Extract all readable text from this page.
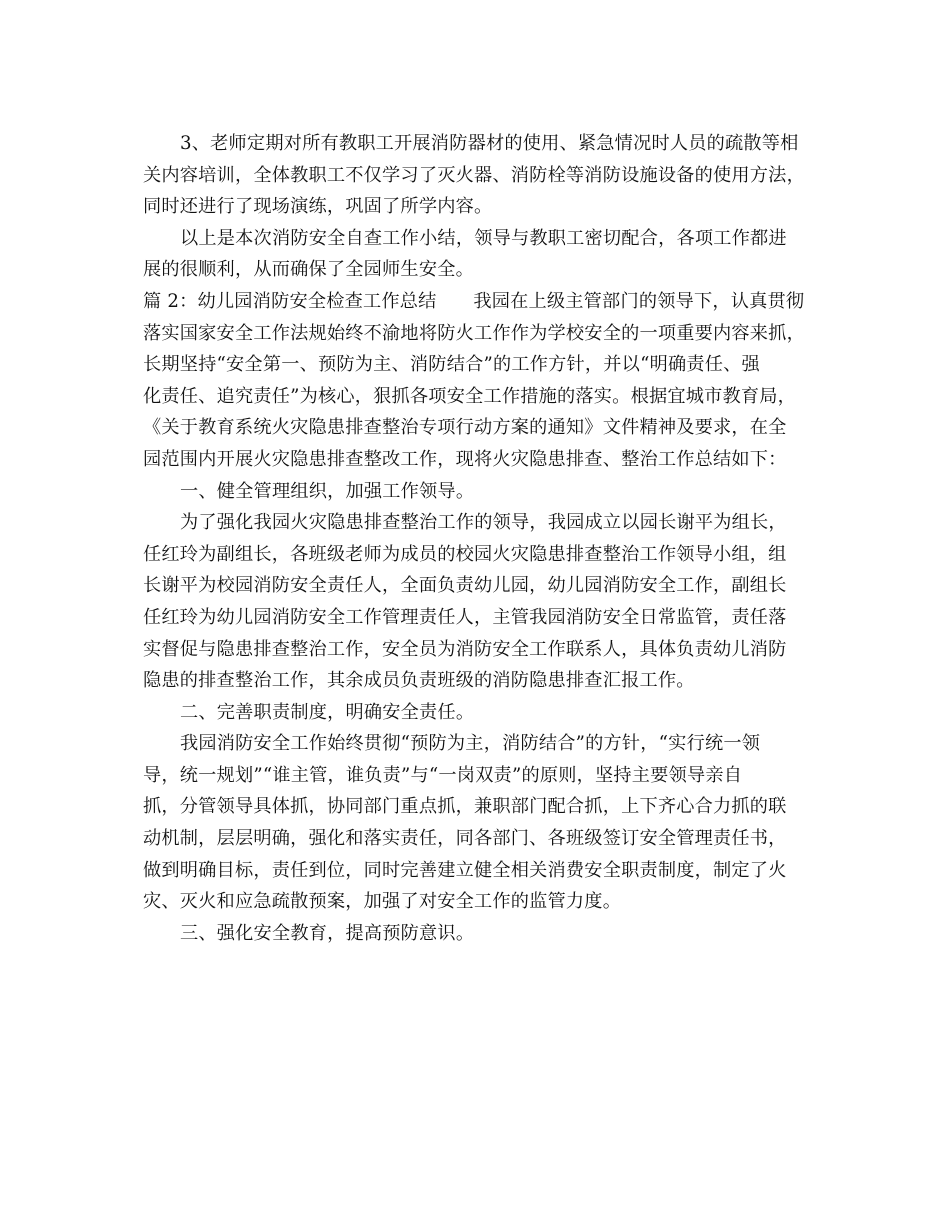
3、老师定期对所有教职工开展消防器材的使用、紧急情况时人员的疏散等相
关内容培训，全体教职工不仅学习了灭火器、消防栓等消防设施设备的使用方法，
同时还进行了现场演练，巩固了所学内容。
以上是本次消防安全自查工作小结，领导与教职工密切配合，各项工作都进
展的很顺利，从而确保了全园师生安全。
篇 2：幼儿园消防安全检查工作总结　　我园在上级主管部门的领导下，认真贯彻
落实国家安全工作法规始终不渝地将防火工作作为学校安全的一项重要内容来抓，
长期坚持“安全第一、预防为主、消防结合”的工作方针，并以“明确责任、强
化责任、追究责任”为核心，狠抓各项安全工作措施的落实。根据宜城市教育局，
《关于教育系统火灾隐患排查整治专项行动方案的通知》文件精神及要求，在全
园范围内开展火灾隐患排查整改工作，现将火灾隐患排查、整治工作总结如下：
一、健全管理组织，加强工作领导。
为了强化我园火灾隐患排查整治工作的领导，我园成立以园长谢平为组长，
任红玲为副组长，各班级老师为成员的校园火灾隐患排查整治工作领导小组，组
长谢平为校园消防安全责任人，全面负责幼儿园，幼儿园消防安全工作，副组长
任红玲为幼儿园消防安全工作管理责任人，主管我园消防安全日常监管，责任落
实督促与隐患排查整治工作，安全员为消防安全工作联系人，具体负责幼儿消防
隐患的排查整治工作，其余成员负责班级的消防隐患排查汇报工作。
二、完善职责制度，明确安全责任。
我园消防安全工作始终贯彻“预防为主，消防结合”的方针，“实行统一领
导，统一规划”“谁主管，谁负责”与“一岗双责”的原则，坚持主要领导亲自
抓，分管领导具体抓，协同部门重点抓，兼职部门配合抓，上下齐心合力抓的联
动机制，层层明确，强化和落实责任，同各部门、各班级签订安全管理责任书，
做到明确目标，责任到位，同时完善建立健全相关消费安全职责制度，制定了火
灾、灭火和应急疏散预案，加强了对安全工作的监管力度。
三、强化安全教育，提高预防意识。
